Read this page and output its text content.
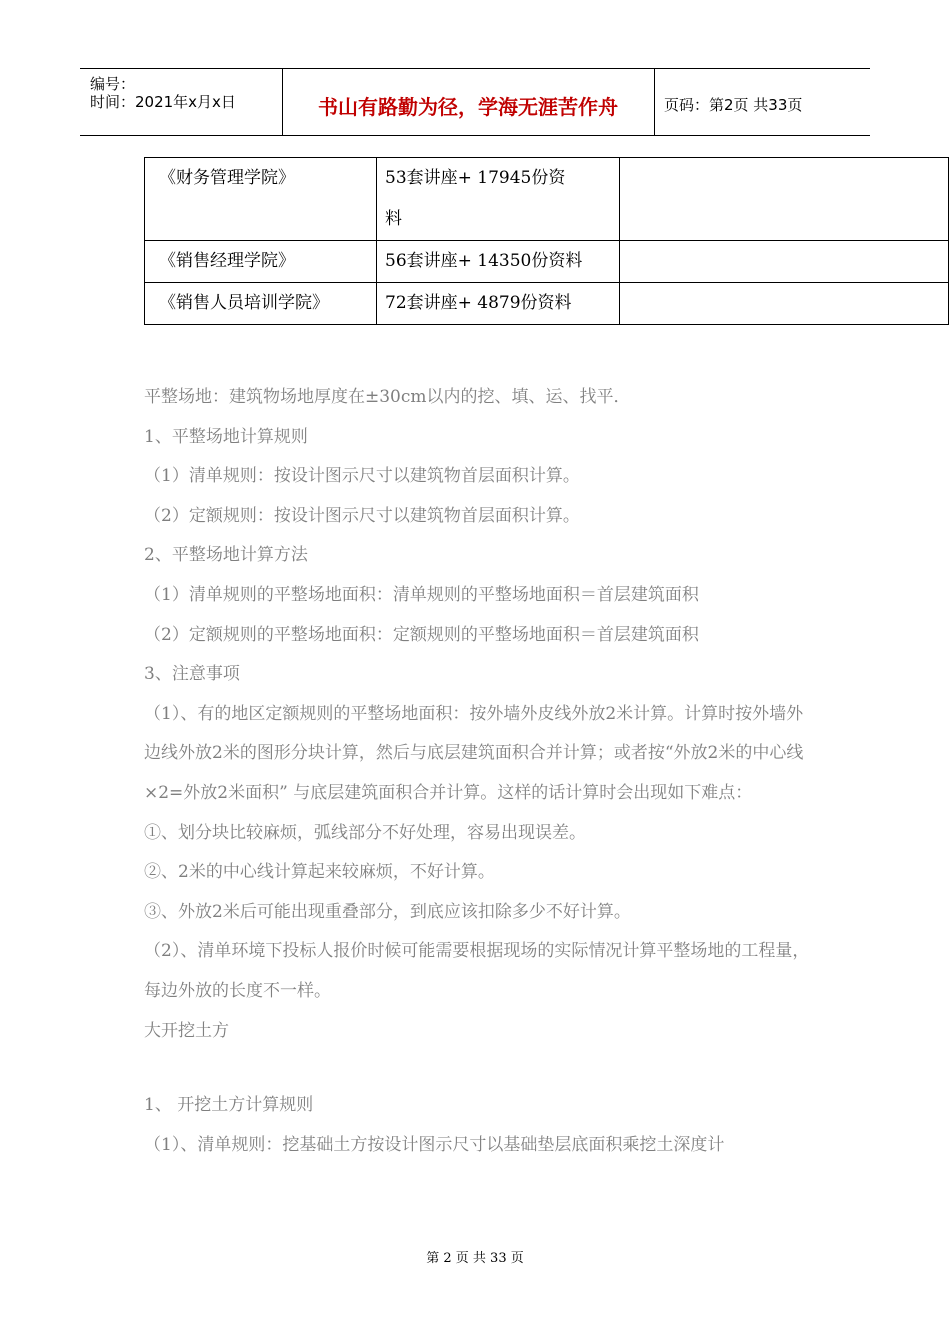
编号：
时间：2021年x月x日	书山有路勤为径，学海无涯苦作舟	页码：第2页 共33页
《财务管理学院》	53套讲座+ 17945份资
料	
《销售经理学院》	56套讲座+ 14350份资料	
《销售人员培训学院》	72套讲座+ 4879份资料	

平整场地：建筑物场地厚度在±30cm以内的挖、填、运、找平．

1、平整场地计算规则

（1）清单规则：按设计图示尺寸以建筑物首层面积计算。

（2）定额规则：按设计图示尺寸以建筑物首层面积计算。

2、平整场地计算方法

（1）清单规则的平整场地面积：清单规则的平整场地面积＝首层建筑面积

（2）定额规则的平整场地面积：定额规则的平整场地面积＝首层建筑面积

3、注意事项

（1）、有的地区定额规则的平整场地面积：按外墙外皮线外放2米计算。计算时按外墙外边线外放2米的图形分块计算，然后与底层建筑面积合并计算；或者按“外放2米的中心线×2=外放2米面积” 与底层建筑面积合并计算。这样的话计算时会出现如下难点：

①、划分块比较麻烦，弧线部分不好处理，容易出现误差。

②、2米的中心线计算起来较麻烦，不好计算。

③、外放2米后可能出现重叠部分，到底应该扣除多少不好计算。

（2）、清单环境下投标人报价时候可能需要根据现场的实际情况计算平整场地的工程量，每边外放的长度不一样。

大开挖土方

1、 开挖土方计算规则

（1）、清单规则：挖基础土方按设计图示尺寸以基础垫层底面积乘挖土深度计

第 2 页 共 33 页
